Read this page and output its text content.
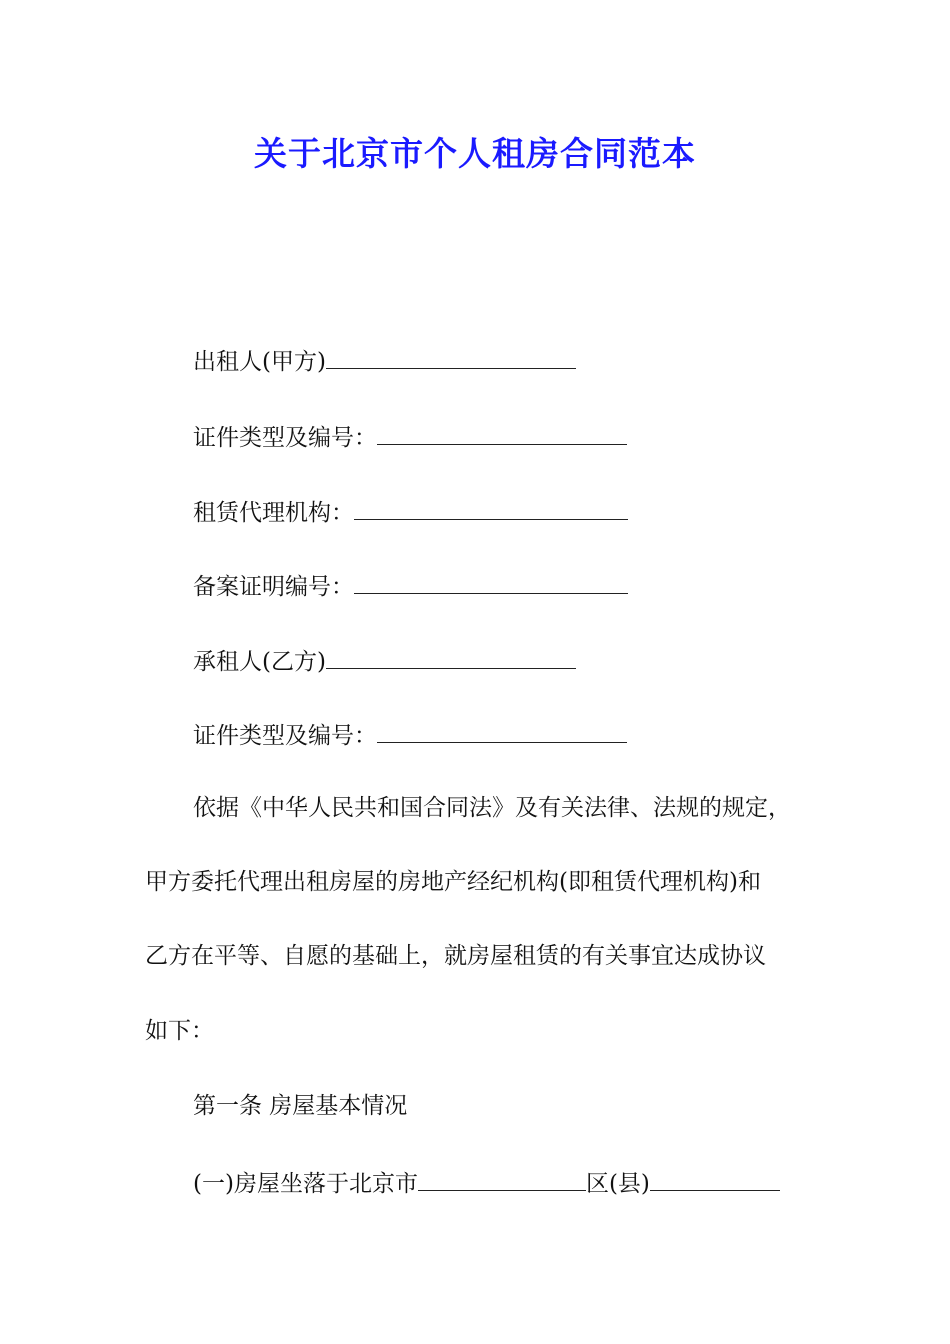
关于北京市个人租房合同范本
出租人(甲方)
证件类型及编号：
租赁代理机构：
备案证明编号：
承租人(乙方)
证件类型及编号：
依据《中华人民共和国合同法》及有关法律、法规的规定，
甲方委托代理出租房屋的房地产经纪机构(即租赁代理机构)和
乙方在平等、自愿的基础上，就房屋租赁的有关事宜达成协议
如下：
第一条 房屋基本情况
(一)房屋坐落于北京市	区(县)
